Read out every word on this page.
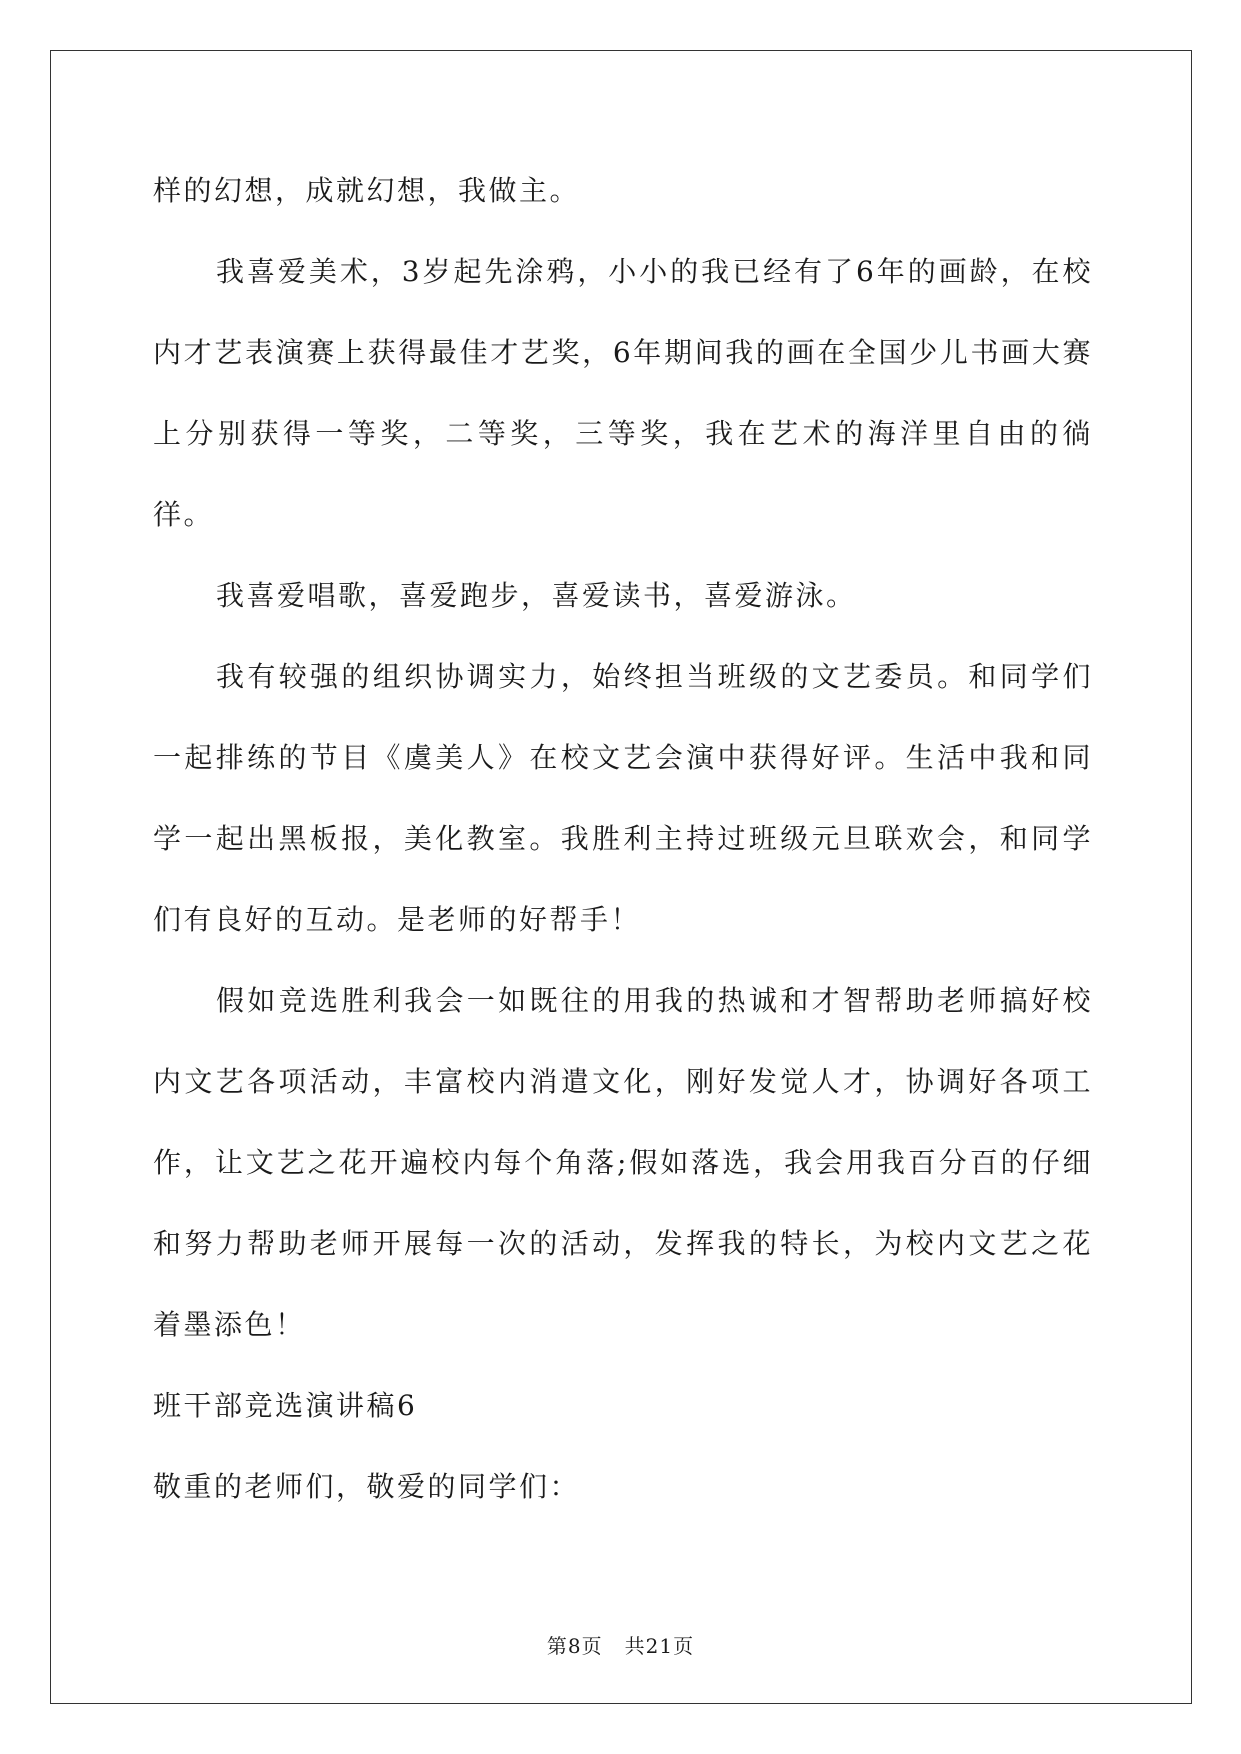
样的幻想，成就幻想，我做主。

我喜爱美术，3岁起先涂鸦，小小的我已经有了6年的画龄，在校内才艺表演赛上获得最佳才艺奖，6年期间我的画在全国少儿书画大赛上分别获得一等奖，二等奖，三等奖，我在艺术的海洋里自由的徜徉。

我喜爱唱歌，喜爱跑步，喜爱读书，喜爱游泳。

我有较强的组织协调实力，始终担当班级的文艺委员。和同学们一起排练的节目《虞美人》在校文艺会演中获得好评。生活中我和同学一起出黑板报，美化教室。我胜利主持过班级元旦联欢会，和同学们有良好的互动。是老师的好帮手！

假如竞选胜利我会一如既往的用我的热诚和才智帮助老师搞好校内文艺各项活动，丰富校内消遣文化，刚好发觉人才，协调好各项工作，让文艺之花开遍校内每个角落;假如落选，我会用我百分百的仔细和努力帮助老师开展每一次的活动，发挥我的特长，为校内文艺之花着墨添色！

班干部竞选演讲稿6

敬重的老师们，敬爱的同学们：

第8页 共21页
